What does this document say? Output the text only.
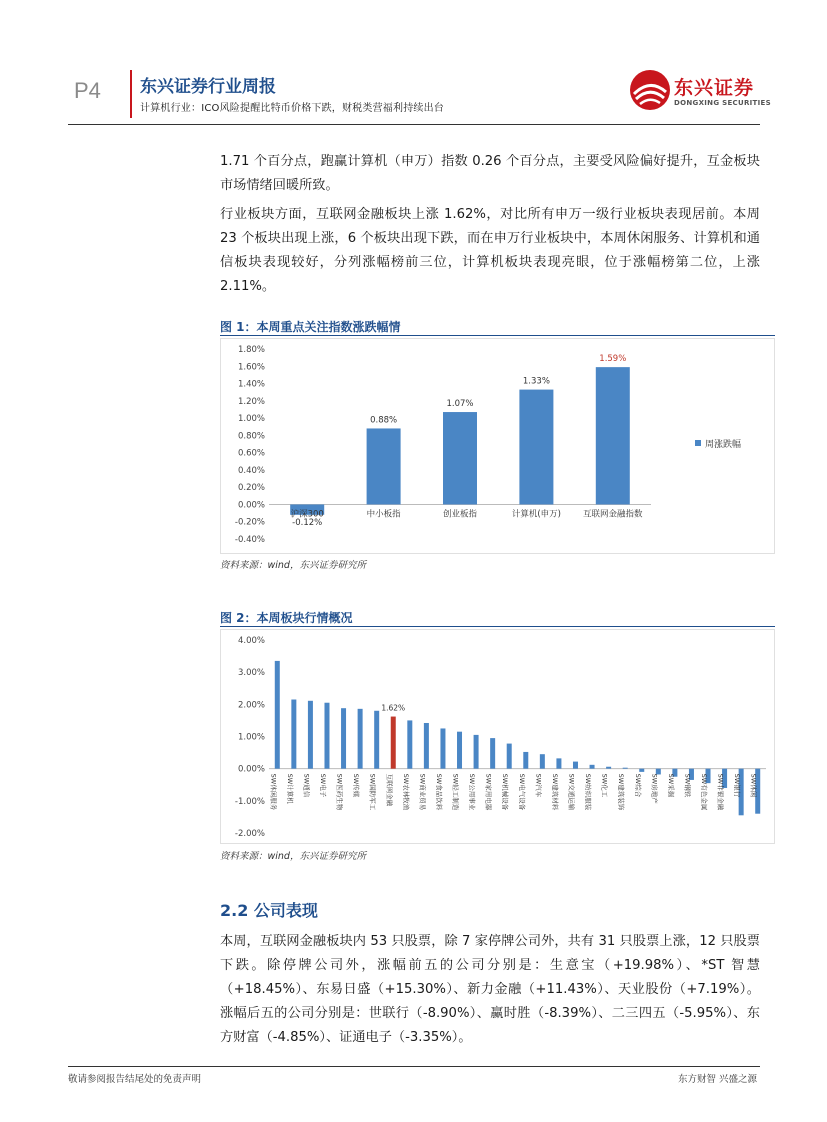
P4 东兴证券行业周报
计算机行业：ICO风险提醒比特币价格下跌，财税类营福利持续出台
东兴证券
DONGXING SECURITIES
1.71 个百分点，跑赢计算机（申万）指数 0.26 个百分点，主要受风险偏好提升，互金板块市场情绪回暖所致。
行业板块方面，互联网金融板块上涨 1.62%，对比所有申万一级行业板块表现居前。本周 23 个板块出现上涨，6 个板块出现下跌，而在申万行业板块中，本周休闲服务、计算机和通信板块表现较好，分列涨幅榜前三位，计算机板块表现亮眼，位于涨幅榜第二位，上涨 2.11%。
图 1：本周重点关注指数涨跌幅情
1.80%
1.60%
1.40%
1.20%
1.00%
0.80%
0.60%
0.40%
0.20%
0.00%
-0.20%
-0.40%
-0.12%
沪深300
0.88%
中小板指
1.07%
创业板指
1.33%
计算机(申万)
1.59%
互联网金融指数
周涨跌幅
资料来源：wind，东兴证券研究所
图 2：本周板块行情概况
4.00%
3.00%
2.00%
1.00%
0.00%
-1.00%
-2.00%
SW休闲服务 SW计算机 SW通信 SW电子 SW医药生物 SW传媒 SW国防军工 互联网金融
1.62%
SW农林牧渔 SW商业贸易 SW食品饮料 SW轻工制造 SW公用事业 SW家用电器 SW机械设备 SW电气设备 SW汽车 SW建筑材料 SW交通运输 SW纺织服装 SW化工 SW建筑装饰 SW综合 SW房地产 SW采掘 SW钢铁 SW有色金属 SW非银金融 SW银行 SW休闲
资料来源：wind，东兴证券研究所
2.2 公司表现
本周，互联网金融板块内 53 只股票，除 7 家停牌公司外，共有 31 只股票上涨，12 只股票下跌。除停牌公司外，涨幅前五的公司分别是：生意宝（+19.98%）、*ST 智慧（+18.45%）、东易日盛（+15.30%）、新力金融（+11.43%）、天业股份（+7.19%）。涨幅后五的公司分别是：世联行（-8.90%）、赢时胜（-8.39%）、二三四五（-5.95%）、东方财富（-4.85%）、证通电子（-3.35%）。
敬请参阅报告结尾处的免责声明	东方财智 兴盛之源
